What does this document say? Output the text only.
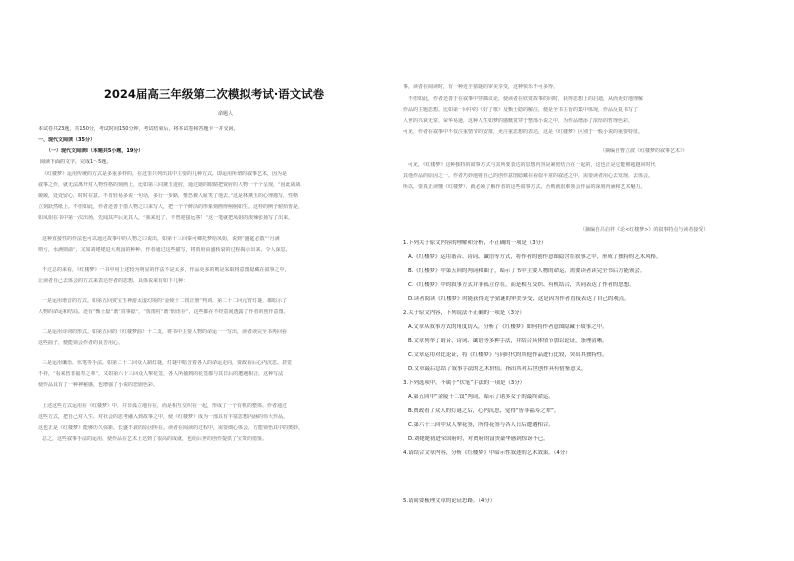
2024届高三年级第二次模拟考试·语文试卷
命题人
本试卷共23题，共150分，考试时间150分钟，考试结束后，将本试卷和答题卡一并交回。
一、现代文阅读（35分）
（一）现代文阅读Ⅰ（本题共5小题，19分）
阅读下面的文字，完成1～5题。
《红楼梦》运用传统的方式是多重多样的，在这里只列出其中主要的几种方式，即运用所谓的叙事艺术，因为是
叙事之作，就无法离开对人物性格的刻画上，比如第三回黛玉进府，通过她的眼睛把贾府的人物一个个呈现，“因此战战
兢兢，处处留心，时时在意，不肯轻易多说一句话，多行一步路，惟恐被人耻笑了他去。”这是林黛玉的心理描写，性格
立刻跃然纸上。不但如此，作者还善于借人物之口来写人，把一个个鲜活的形象刻画得栩栩如生。这样的例子俯拾皆是，
如凤姐在书中第一次出场，先闻其声后见其人，“我来迟了，不曾迎接远客！”这一笔就把凤姐的泼辣张扬写了出来。
这种直接性的作法也可以通过故事中的人物之口说出，如第十三回秦可卿托梦给凤姐，说到“盛筵必散”“月满
则亏，水满则溢”，又如刘姥姥进大观园的种种，作者通过这些描写，将贾府由盛转衰的过程揭示出来，令人深思。
不过总的来看，《红楼梦》一书中用上述较为明显的作法不是太多，作品更多的则是采取将意图隐藏在叙事之中，
让读者自己去体会的方式来表达作者的思想，具体说来有如下几种：
一是运用谐音的方式。如第五回贾宝玉神游太虚幻境的“金陵十二钗正册”判词、第二十二回元宵灯谜，都暗示了
人物的命运和结局。还有“甄士隐”谐“真事隐”，“贾雨村”谐“假语存”，这些都在不经意间透露了作者的创作意图。
二是运用诗词的形式。如第五回的《红楼梦曲》十二支，将书中主要人物的命运一一写出，读者读完全书再回看
这些曲子，便能领会作者的良苦用心。
三是运用谶语、伏笔等手法。如第二十二回众人制灯谜，灯谜中暗含着各人的命运走向，贾政看后心内沉思，甚觉
不祥，“看来皆非福寿之辈”。又如第六十三回众人掣花签，各人所抽到的花签都与其日后的遭遇相合，这种写法
使作品具有了一种神秘感，也增强了小说的悲剧色彩。
上述这些方式运用在《红楼梦》中，并非孤立地存在，而是相互交织在一起，形成了一个有机的整体。作者通过
这些方式，把自己对人生、对社会的思考融入到故事之中，使《红楼梦》成为一部具有丰富思想内涵的伟大作品。
这也正是《红楼梦》能够历久弥新、长盛不衰的原因所在。读者在阅读的过程中，需要细心体会，方能领悟其中的奥妙。
总之，这些叙事手法的运用，使作品在艺术上达到了很高的成就，也给后世的创作提供了宝贵的借鉴。
事，读者在阅读时，有一种近乎猜谜的审美享受，这种快乐不可多得。
不但如此，作者还善于在叙事中穿插议论，使读者在欣赏故事的同时，获得思想上的启迪，从而更好地理解
作品的主题思想。比如第一回中的《好了歌》及甄士隐的解注，便是全书主旨的集中体现，作品反复书写了
人世的兴衰无常、荣华易逝，这种人生如梦的感慨贯穿于整部小说之中，为作品增添了浓厚的哲理色彩。
可见，作者在叙事中不仅注重情节的安排，更注重思想的表达，这是《红楼梦》区别于一般小说的重要特征。
（摘编自曹立波《红楼梦的叙事艺术》）
可见，《红楼梦》这种独特的叙事方式与其所要表达的思想内容是紧密结合在一起的，这也正是它能够超越同时代
其他作品的原因之一。作者巧妙地将自己的创作意图隐藏在看似平常的叙述之中，需要读者用心去发现、去体会。
所以，要真正读懂《红楼梦》，就必须了解作者的这些叙事方式，否则就很难领会作品的深刻内涵和艺术魅力。
（摘编自吕启祥《论<红楼梦>》的叙事特点与读者接受）
1.下列关于原文内容的理解和分析，不正确的一项是（3分）
A.《红楼梦》运用谐音、诗词、谶语等方式，将作者的创作意图隐含在叙事之中，形成了独特的艺术风格。
B.《红楼梦》中第五回的判词和曲子，暗示了书中主要人物的命运，需要读者读完全书后方能领会。
C.《红楼梦》中的叙事方式并非孤立存在，而是相互交织、有机结合，共同表达了作者的思想。
D.读者阅读《红楼梦》时能获得近乎猜谜的审美享受，这是因为作者直接表达了自己的观点。
2.关于原文内容，下列说法不正确的一项是（3分）
A.文章从叙事方式的角度切入，分析了《红楼梦》如何将作者意图隐藏于故事之中。
B.文章列举了谐音、诗词、谶语等多种手法，并结合具体情节加以论证，条理清晰。
C.文章运用对比论证，将《红楼梦》与同时代的其他作品进行比较，突出其独特性。
D.文章最后总结了叙事手法的艺术价值，指出其对后世创作具有借鉴意义。
3.下列选项中，不属于“伏笔”手法的一项是（3分）
A.第五回中“金陵十二钗”判词，暗示了诸多女子的最终命运。
B.贾政看了众人的灯谜之后，心内沉思，觉得“皆非福寿之辈”。
C.第六十三回中众人掣花签，所得花签与各人日后遭遇相合。
D.刘姥姥初进荣国府时，对贾府的富贵豪华感到惊讶不已。
4.请结合文章内容，分析《红楼梦》中暗示性叙述的艺术效果。（4分）
5.请简要梳理文章的论证思路。（4分）
